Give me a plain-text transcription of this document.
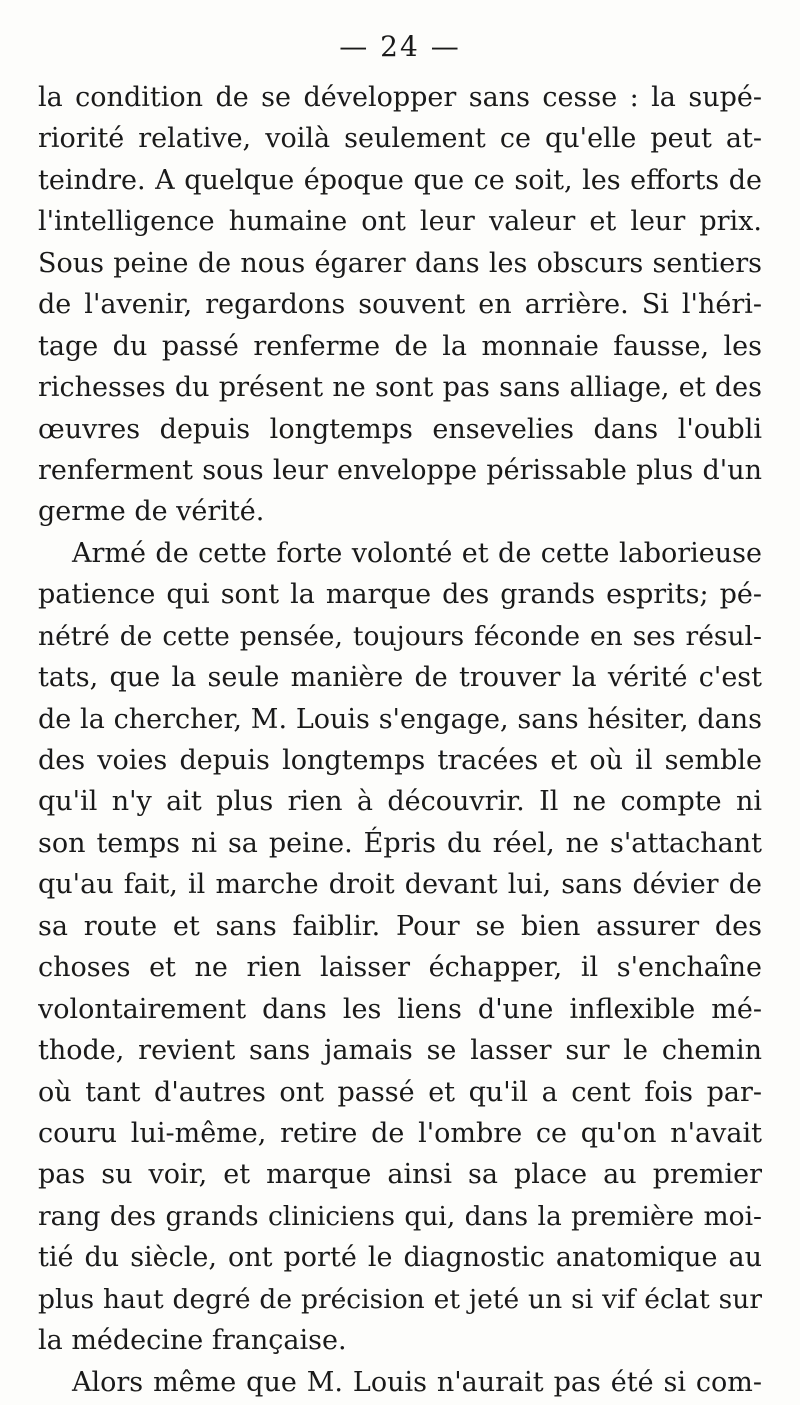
— 24 —
la condition de se développer sans cesse : la supé-
riorité relative, voilà seulement ce qu'elle peut at-
teindre. A quelque époque que ce soit, les efforts de
l'intelligence humaine ont leur valeur et leur prix.
Sous peine de nous égarer dans les obscurs sentiers
de l'avenir, regardons souvent en arrière. Si l'héri-
tage du passé renferme de la monnaie fausse, les
richesses du présent ne sont pas sans alliage, et des
œuvres depuis longtemps ensevelies dans l'oubli
renferment sous leur enveloppe périssable plus d'un
germe de vérité.
Armé de cette forte volonté et de cette laborieuse
patience qui sont la marque des grands esprits; pé-
nétré de cette pensée, toujours féconde en ses résul-
tats, que la seule manière de trouver la vérité c'est
de la chercher, M. Louis s'engage, sans hésiter, dans
des voies depuis longtemps tracées et où il semble
qu'il n'y ait plus rien à découvrir. Il ne compte ni
son temps ni sa peine. Épris du réel, ne s'attachant
qu'au fait, il marche droit devant lui, sans dévier de
sa route et sans faiblir. Pour se bien assurer des
choses et ne rien laisser échapper, il s'enchaîne
volontairement dans les liens d'une inflexible mé-
thode, revient sans jamais se lasser sur le chemin
où tant d'autres ont passé et qu'il a cent fois par-
couru lui-même, retire de l'ombre ce qu'on n'avait
pas su voir, et marque ainsi sa place au premier
rang des grands cliniciens qui, dans la première moi-
tié du siècle, ont porté le diagnostic anatomique au
plus haut degré de précision et jeté un si vif éclat sur
la médecine française.
Alors même que M. Louis n'aurait pas été si com-
